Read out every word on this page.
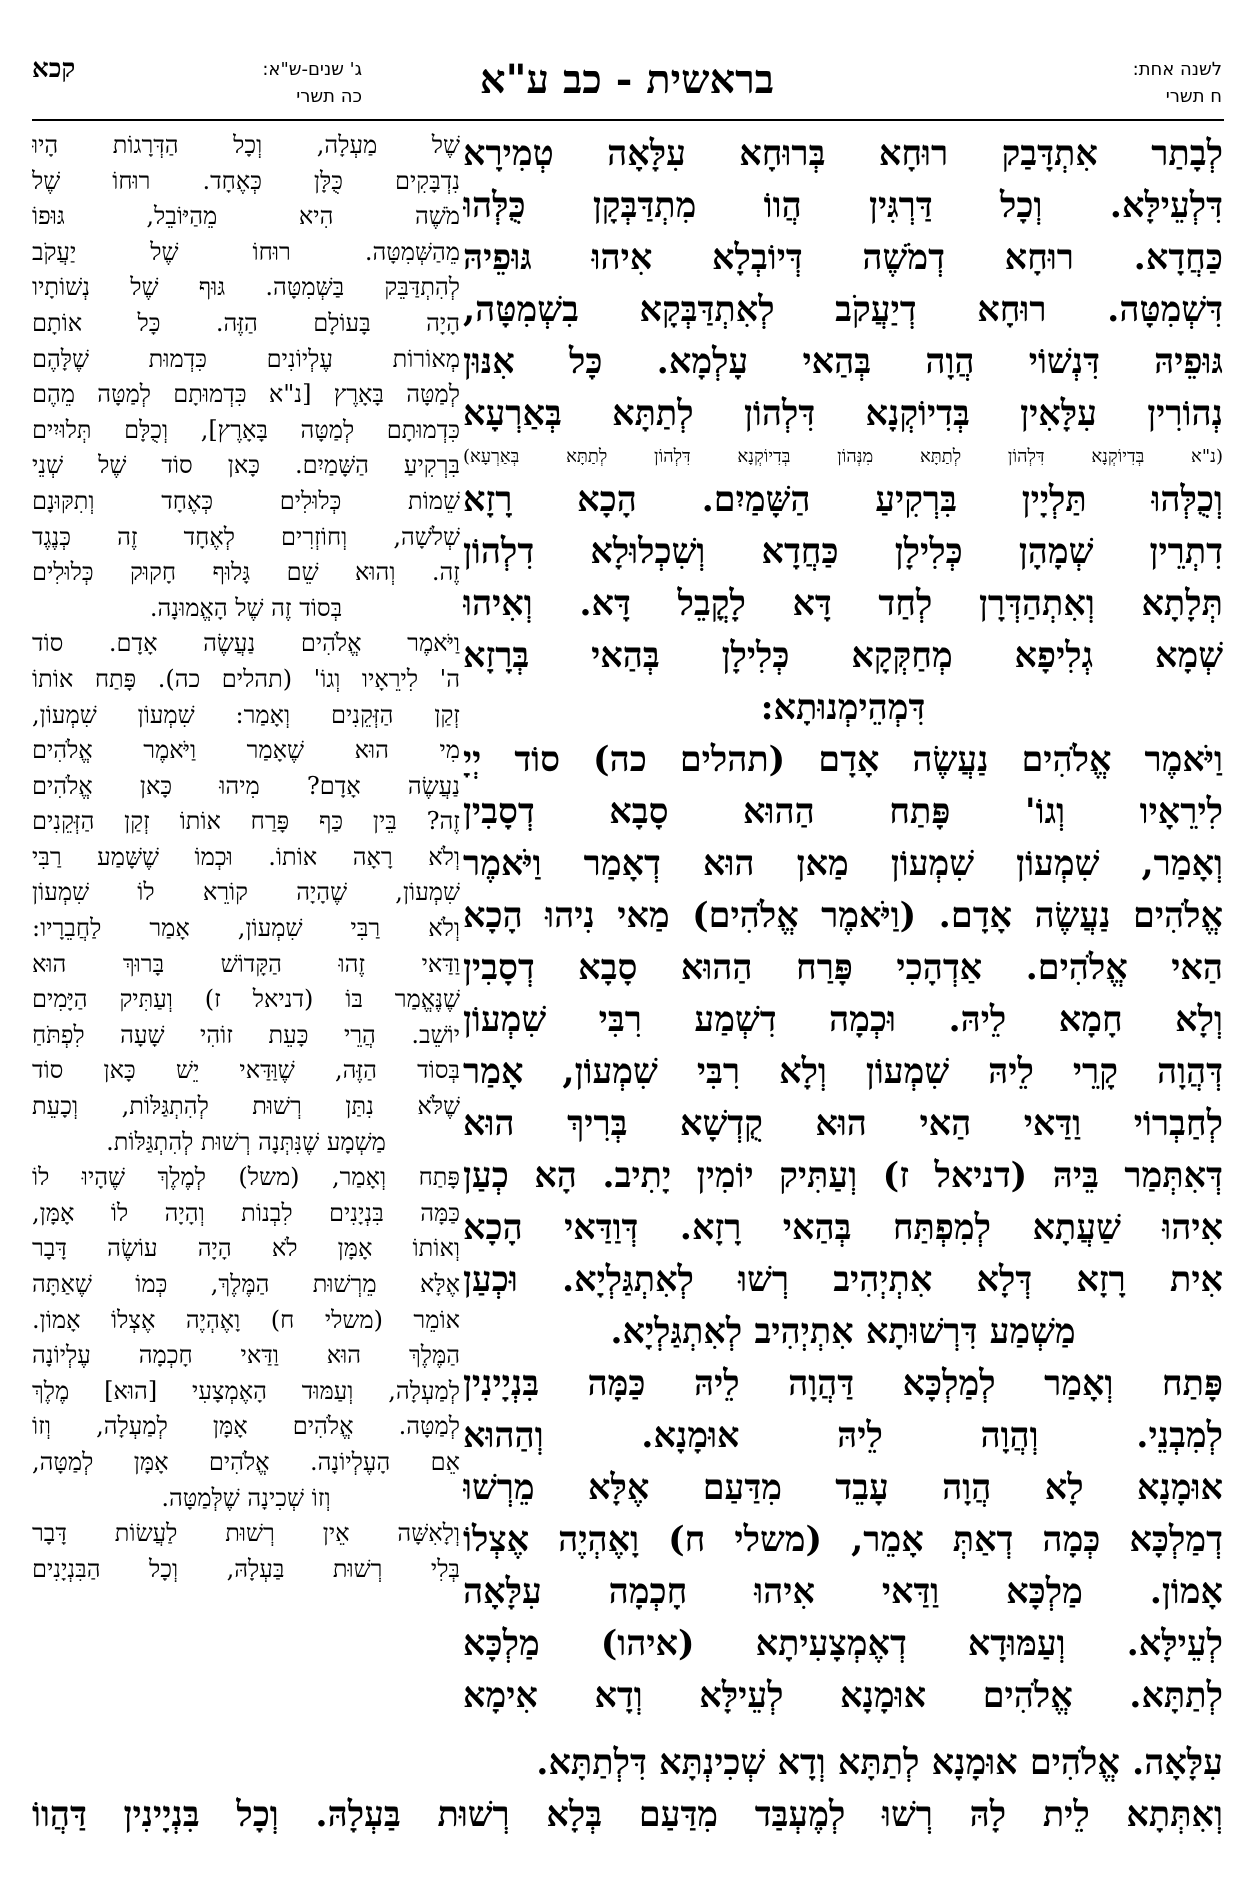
לשנה אחת:
ח תשרי
בראשית - כב ע"א
ג' שנים-ש"א:
כה תשרי
קכא
לְבָתַר אִתְדָּבַק רוּחָא בְּרוּחָא עִלָּאָה טְמִירָא
דִּלְעֵילָּא. וְכָל דַּרְגִּין הֲווֹ מִתְדַּבְּקָן כֻּלְּהוּ
כַּחֲדָא. רוּחָא דְמֹשֶׁה דְּיוֹבְלָא אִיהוּ גּוּפֵיהּ
דִּשְׁמִטָּה. רוּחָא דְיַעֲקֹב לְאִתְדַּבְּקָא בִשְׁמִטָּה,
גּוּפֵיהּ דִּנְשׁוֹי הֲוָה בְּהַאי עָלְמָא. כָּל אִנּוּן
נְהוֹרִין עִלָּאִין בְּדִיוֹקְנָא דִּלְהוֹן לְתַתָּא בְּאַרְעָא
(נ"א בְּדִיוֹקְנָא דִּלְהוֹן לְתַתָּא מִנְּהוֹן בְּדִיוֹקְנָא דִּלְהוֹן לְתַתָּא בְּאַרְעָא)
וְכֻלְּהוּ תַּלְיָין בִּרְקִיעַ הַשָּׁמַיִם. הָכָא רָזָא
דִתְרֵין שְׁמָהָן כְּלִילָן כַּחֲדָא וְשִׁכְלוּלָא דִלְהוֹן
תְּלָתָא וְאִתְהַדְּרָן לְחַד דָּא לָקֳבֵל דָּא. וְאִיהוּ
שְׁמָא גְלִיפָא מְחַקְּקָא כְּלִילָן בְּהַאי בְּרָזָא
דִּמְהֵימְנוּתָא:
וַיֹּאמֶר אֱלֹהִים נַעֲשֶׂה אָדָם (תהלים כה) סוֹד יְיָ
לִירֵאָיו וְגוֹ' פָּתַח הַהוּא סָבָא דְסָבִין
וְאָמַר, שִׁמְעוֹן שִׁמְעוֹן מַאן הוּא דְאָמַר וַיֹּאמֶר
אֱלֹהִים נַעֲשֶׂה אָדָם. (וַיֹּאמֶר אֱלֹהִים) מַאי נִיהוּ הָכָא
הַאי אֱלֹהִים. אַדְהָכִי פָּרַח הַהוּא סָבָא דְסָבִין
וְלָא חָמָא לֵיהּ. וּכְמָה דִשְׁמַע רִבִּי שִׁמְעוֹן
דְּהֲוָה קָרֵי לֵיהּ שִׁמְעוֹן וְלָא רִבִּי שִׁמְעוֹן, אָמַר
לְחַבְרוֹי וַדַּאי הַאי הוּא קֻדְשָׁא בְּרִיךְ הוּא
דְּאִתְּמַר בֵּיהּ (דניאל ז) וְעַתִּיק יוֹמִין יָתִיב. הָא כְעַן
אִיהוּ שַׁעֲתָא לְמִפְתַּח בְּהַאי רָזָא. דְּוַדַּאי הָכָא
אִית רָזָא דְּלָא אִתְיְהִיב רְשׁוּ לְאִתְגַּלְיָא. וּכְעַן
מַשְׁמַע דִּרְשׁוּתָא אִתְיְהִיב לְאִתְגַּלְיָא.
פָּתַח וְאָמַר לְמַלְכָּא דַּהֲוָה לֵיהּ כַּמָּה בִּנְיָינִין
לְמִבְנֵי. וְהֲוָה לֵיהּ אוּמָנָא. וְהַהוּא
אוּמָנָא לָא הֲוָה עָבֵד מִדַּעַם אֶלָּא מֵרְשׁוּ
דְמַלְכָּא כְּמָה דְאַתְּ אָמֵר, (משלי ח) וָאֶהְיֶה אֶצְלוֹ
אָמוֹן. מַלְכָּא וַדַּאי אִיהוּ חָכְמָה עִלָּאָה
לְעֵילָּא. וְעַמּוּדָא דְאֶמְצָעִיתָא (איהו) מַלְכָּא
לְתַתָּא. אֱלֹהִים אוּמָנָא לְעֵילָּא וְדָא אִימָא
שֶׁל מַעְלָה, וְכָל הַדְּרָגוֹת הָיוּ
נִדְבָּקִים כֻּלָּן כְּאֶחָד. רוּחוֹ שֶׁל
מֹשֶׁה הִיא מֵהַיּוֹבֵל, גּוּפוֹ
מֵהַשְּׁמִטָּה. רוּחוֹ שֶׁל יַעֲקֹב
לְהִתְדַּבֵּק בַּשְּׁמִטָּה. גּוּף שֶׁל נְשׁוֹתָיו
הָיָה בָּעוֹלָם הַזֶּה. כָּל אוֹתָם
מְאוֹרוֹת עֶלְיוֹנִים כִּדְמוּת שֶׁלָּהֶם
לְמַטָּה בָּאָרֶץ [נ"א כִּדְמוּתָם לְמַטָּה מֵהֶם
כִּדְמוּתָם לְמַטָּה בָּאָרֶץ], וְכֻלָּם תְּלוּיִים
בִּרְקִיעַ הַשָּׁמַיִם. כָּאן סוֹד שֶׁל שְׁנֵי
שֵׁמוֹת כְּלוּלִים כְּאֶחָד וְתִקּוּנָם
שְׁלֹשָׁה, וְחוֹזְרִים לְאֶחָד זֶה כְּנֶגֶד
זֶה. וְהוּא שֵׁם גָּלוּף חָקוּק כְּלוּלִים
בְּסוֹד זֶה שֶׁל הָאֱמוּנָה.
וַיֹּאמֶר אֱלֹהִים נַעֲשֶׂה אָדָם. סוֹד
ה' לִירֵאָיו וְגוֹ' (תהלים כה). פָּתַח אוֹתוֹ
זְקַן הַזְּקֵנִים וְאָמַר: שִׁמְעוֹן שִׁמְעוֹן,
מִי הוּא שֶׁאָמַר וַיֹּאמֶר אֱלֹהִים
נַעֲשֶׂה אָדָם? מִיהוּ כָּאן אֱלֹהִים
זֶה? בֵּין כַּף פָּרַח אוֹתוֹ זְקַן הַזְּקֵנִים
וְלֹא רָאָה אוֹתוֹ. וּכְמוֹ שֶׁשָּׁמַע רַבִּי
שִׁמְעוֹן, שֶׁהָיָה קוֹרֵא לוֹ שִׁמְעוֹן
וְלֹא רַבִּי שִׁמְעוֹן, אָמַר לַחֲבֵרָיו:
וַדַּאי זֶהוּ הַקָּדוֹשׁ בָּרוּךְ הוּא
שֶׁנֶּאֱמַר בּוֹ (דניאל ז) וְעַתִּיק הַיָּמִים
יוֹשֵׁב. הֲרֵי כָּעֵת זוֹהִי שָׁעָה לִפְתֹּחַ
בְּסוֹד הַזֶּה, שֶׁוַּדַּאי יֵשׁ כָּאן סוֹד
שֶׁלֹּא נִתַּן רְשׁוּת לְהִתְגַּלּוֹת, וְכָעֵת
מַשְׁמָע שֶׁנִּתְּנָה רְשׁוּת לְהִתְגַּלּוֹת.
פָּתַח וְאָמַר, (משל) לְמֶלֶךְ שֶׁהָיוּ לוֹ
כַּמָּה בִּנְיָנִים לִבְנוֹת וְהָיָה לוֹ אָמָּן,
וְאוֹתוֹ אָמָּן לֹא הָיָה עוֹשֶׂה דָּבָר
אֶלָּא מֵרְשׁוּת הַמֶּלֶךְ, כְּמוֹ שֶׁאַתָּה
אוֹמֵר (משלי ח) וָאֶהְיֶה אֶצְלוֹ אָמוֹן.
הַמֶּלֶךְ הוּא וַדַּאי חָכְמָה עֶלְיוֹנָה
לְמַעְלָה, וְעַמּוּד הָאֶמְצָעִי [הוּא] מֶלֶךְ
לְמַטָּה. אֱלֹהִים אָמָּן לְמַעְלָה, וְזוֹ
אֵם הָעֶלְיוֹנָה. אֱלֹהִים אָמָּן לְמַטָּה,
וְזוֹ שְׁכִינָה שֶׁלְּמַטָּה.
וְלָאִשָּׁה אֵין רְשׁוּת לַעֲשׂוֹת דָּבָר
בְּלִי רְשׁוּת בַּעְלָהּ, וְכָל הַבִּנְיָנִים
עִלָּאָה. אֱלֹהִים אוּמָנָא לְתַתָּא וְדָא שְׁכִינְתָּא דִּלְתַתָּא.
וְאִתְּתָא לֵית לָהּ רְשׁוּ לְמֶעְבַּד מִדַּעַם בְּלָא רְשׁוּת בַּעְלָהּ. וְכָל בִּנְיָינִין דַּהֲווֹ
